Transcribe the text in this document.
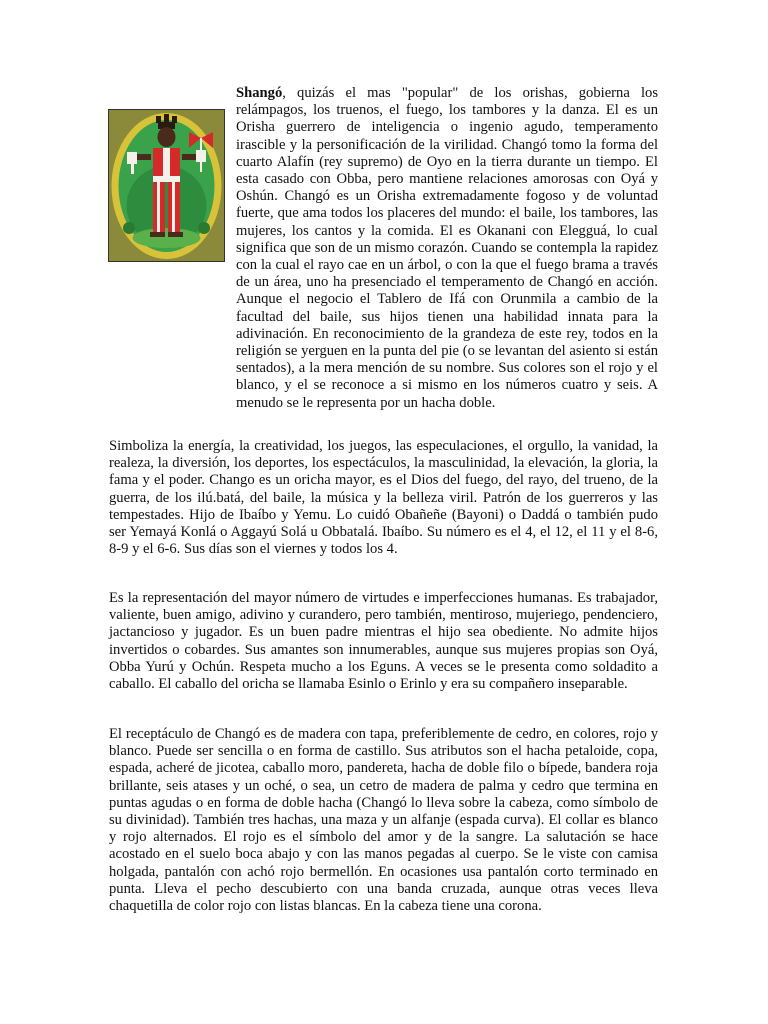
Shangó, quizás el mas "popular" de los orishas, gobierna los relámpagos, los truenos, el fuego, los tambores y la danza. El es un Orisha guerrero de inteligencia o ingenio agudo, temperamento irascible y la personificación de la virilidad. Changó tomo la forma del cuarto Alafín (rey supremo) de Oyo en la tierra durante un tiempo. El esta casado con Obba, pero mantiene relaciones amorosas con Oyá y Oshún. Changó es un Orisha extremadamente fogoso y de voluntad fuerte, que ama todos los placeres del mundo: el baile, los tambores, las mujeres, los cantos y la comida. El es Okanani con Elegguá, lo cual significa que son de un mismo corazón. Cuando se contempla la rapidez con la cual el rayo cae en un árbol, o con la que el fuego brama a través de un área, uno ha presenciado el temperamento de Changó en acción. Aunque el negocio el Tablero de Ifá con Orunmila a cambio de la facultad del baile, sus hijos tienen una habilidad innata para la adivinación. En reconocimiento de la grandeza de este rey, todos en la religión se yerguen en la punta del pie (o se levantan del asiento si están sentados), a la mera mención de su nombre. Sus colores son el rojo y el blanco, y el se reconoce a si mismo en los números cuatro y seis. A menudo se le representa por un hacha doble.

Simboliza la energía, la creatividad, los juegos, las especulaciones, el orgullo, la vanidad, la realeza, la diversión, los deportes, los espectáculos, la masculinidad, la elevación, la gloria, la fama y el poder. Chango es un oricha mayor, es el Dios del fuego, del rayo, del trueno, de la guerra, de los ilú.batá, del baile, la música y la belleza viril. Patrón de los guerreros y las tempestades. Hijo de Ibaíbo y Yemu. Lo cuidó Obañeñe (Bayoni) o Daddá o también pudo ser Yemayá Konlá o Aggayú Solá u Obbatalá. Ibaíbo. Su número es el 4, el 12, el 11 y el 8-6, 8-9 y el 6-6. Sus días son el viernes y todos los 4.

Es la representación del mayor número de virtudes e imperfecciones humanas. Es trabajador, valiente, buen amigo, adivino y curandero, pero también, mentiroso, mujeriego, pendenciero, jactancioso y jugador. Es un buen padre mientras el hijo sea obediente. No admite hijos invertidos o cobardes. Sus amantes son innumerables, aunque sus mujeres propias son Oyá, Obba Yurú y Ochún. Respeta mucho a los Eguns. A veces se le presenta como soldadito a caballo. El caballo del oricha se llamaba Esinlo o Erinlo y era su compañero inseparable.

El receptáculo de Changó es de madera con tapa, preferiblemente de cedro, en colores, rojo y blanco. Puede ser sencilla o en forma de castillo. Sus atributos son el hacha petaloide, copa, espada, acheré de jicotea, caballo moro, pandereta, hacha de doble filo o bípede, bandera roja brillante, seis atases y un oché, o sea, un cetro de madera de palma y cedro que termina en puntas agudas o en forma de doble hacha (Changó lo lleva sobre la cabeza, como símbolo de su divinidad). También tres hachas, una maza y un alfanje (espada curva). El collar es blanco y rojo alternados. El rojo es el símbolo del amor y de la sangre. La salutación se hace acostado en el suelo boca abajo y con las manos pegadas al cuerpo. Se le viste con camisa holgada, pantalón con achó rojo bermellón. En ocasiones usa pantalón corto terminado en punta. Lleva el pecho descubierto con una banda cruzada, aunque otras veces lleva chaquetilla de color rojo con listas blancas. En la cabeza tiene una corona.
